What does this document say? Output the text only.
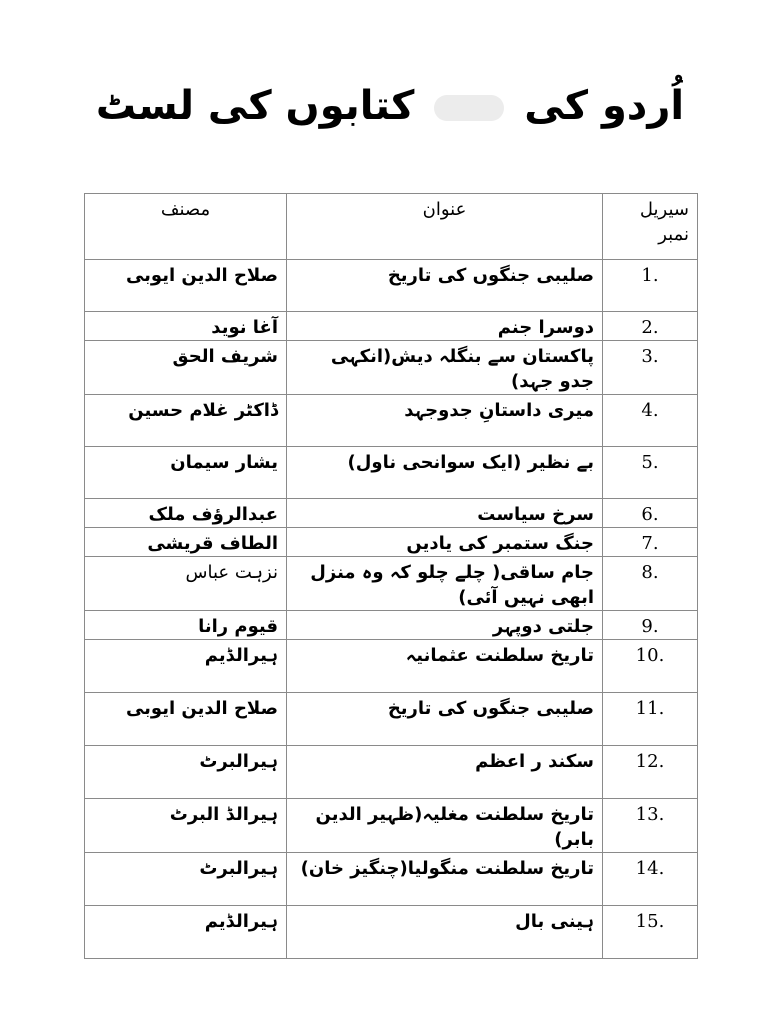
اُردو کی  کتابوں کی لسٹ
سیریل نمبر	عنوان	مصنف
1.	صلیبی جنگوں کی تاریخ	صلاح الدین ایوبی
2.	دوسرا جنم	آغا نوید
3.	پاکستان سے بنگلہ دیش(انکہی جدو جہد)	شریف الحق
4.	میری داستانِ جدوجہد	ڈاکٹر غلام حسین
5.	بے نظیر (ایک سوانحی ناول)	یشار سیمان
6.	سرخ سیاست	عبدالرؤف ملک
7.	جنگ ستمبر کی یادیں	الطاف قریشی
8.	جام ساقی( چلے چلو کہ وہ منزل ابھی نہیں آئی)	نزہت عباس
9.	جلتی دوپہر	قیوم رانا
10.	تاریخ سلطنت عثمانیہ	ہیرالڈیم
11.	صلیبی جنگوں کی تاریخ	صلاح الدین ایوبی
12.	سکند ر اعظم	ہیرالبرٹ
13.	تاریخ سلطنت مغلیہ(ظہیر الدین بابر)	ہیرالڈ البرٹ
14.	تاریخ سلطنت منگولیا(چنگیز خان)	ہیرالبرٹ
15.	ہینی بال	ہیرالڈیم
